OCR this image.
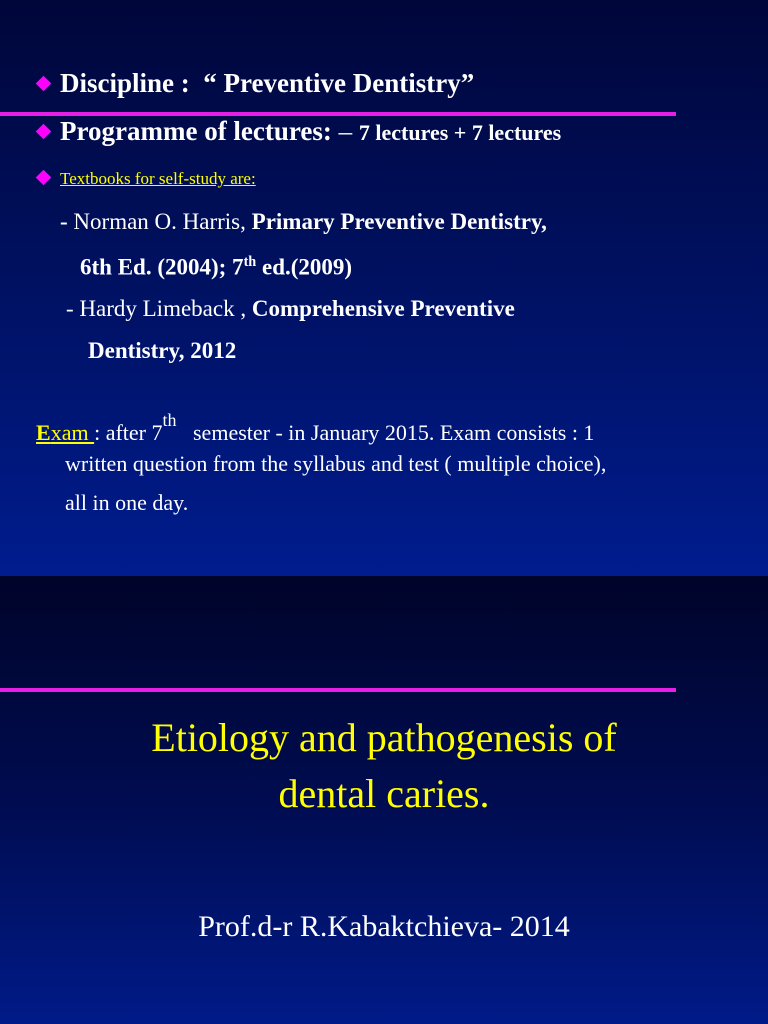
Discipline : “ Preventive Dentistry”
Programme of lectures: – 7 lectures + 7 lectures
Textbooks for self-study are:
- Norman O. Harris, Primary Preventive Dentistry,
6th Ed. (2004); 7th ed.(2009)
- Hardy Limeback , Comprehensive Preventive
Dentistry, 2012
Exam : after 7th semester - in January 2015. Exam consists : 1
written question from the syllabus and test ( multiple choice),
all in one day.
Etiology and pathogenesis of
dental caries.
Prof.d-r R.Kabaktchieva- 2014
